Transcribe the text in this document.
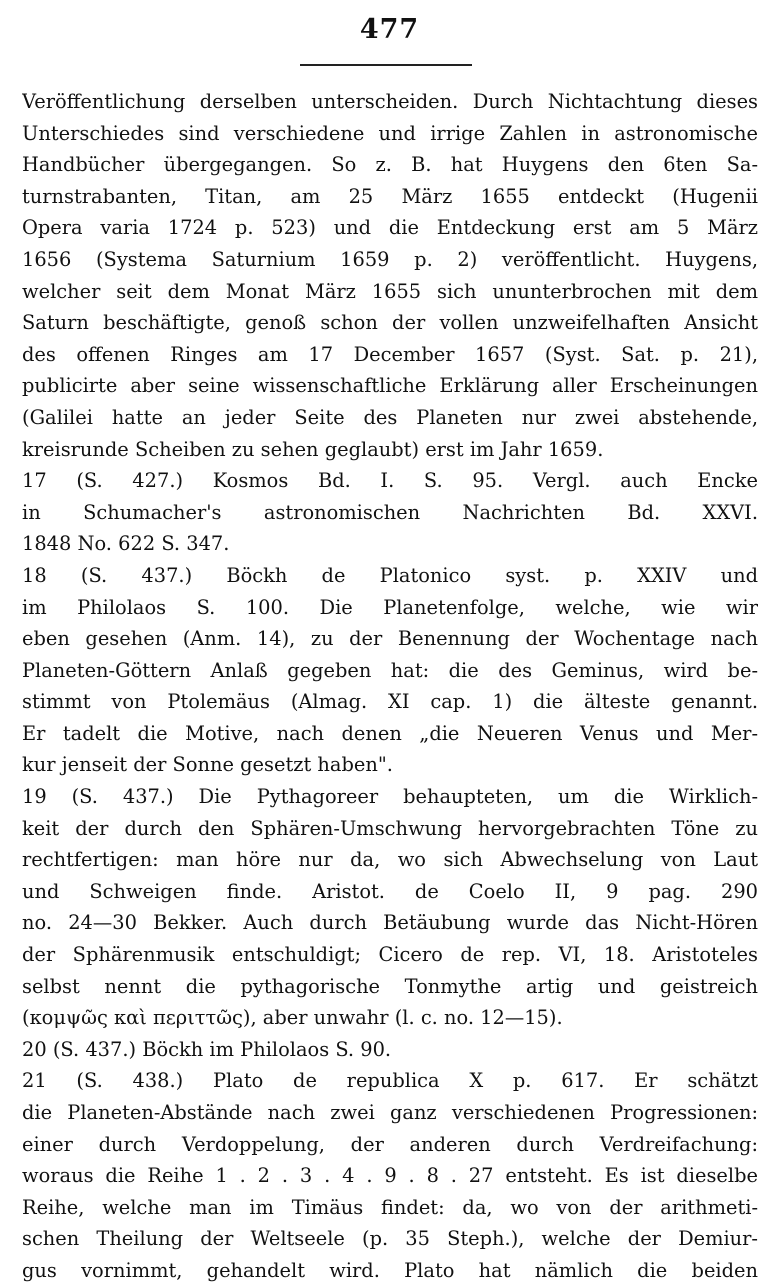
477
Veröffentlichung derselben unterscheiden. Durch Nichtachtung dieses
Unterschiedes sind verschiedene und irrige Zahlen in astronomische
Handbücher übergegangen. So z. B. hat Huygens den 6ten Sa-
turnstrabanten, Titan, am 25 März 1655 entdeckt (Hugenii
Opera varia 1724 p. 523) und die Entdeckung erst am 5 März
1656 (Systema Saturnium 1659 p. 2) veröffentlicht. Huygens,
welcher seit dem Monat März 1655 sich ununterbrochen mit dem
Saturn beschäftigte, genoß schon der vollen unzweifelhaften Ansicht
des offenen Ringes am 17 December 1657 (Syst. Sat. p. 21),
publicirte aber seine wissenschaftliche Erklärung aller Erscheinungen
(Galilei hatte an jeder Seite des Planeten nur zwei abstehende,
kreisrunde Scheiben zu sehen geglaubt) erst im Jahr 1659.
17 (S. 427.) Kosmos Bd. I. S. 95. Vergl. auch Encke
in Schumacher's astronomischen Nachrichten Bd. XXVI.
1848 No. 622 S. 347.
18 (S. 437.) Böckh de Platonico syst. p. XXIV und
im Philolaos S. 100. Die Planetenfolge, welche, wie wir
eben gesehen (Anm. 14), zu der Benennung der Wochentage nach
Planeten-Göttern Anlaß gegeben hat: die des Geminus, wird be-
stimmt von Ptolemäus (Almag. XI cap. 1) die älteste genannt.
Er tadelt die Motive, nach denen „die Neueren Venus und Mer-
kur jenseit der Sonne gesetzt haben".
19 (S. 437.) Die Pythagoreer behaupteten, um die Wirklich-
keit der durch den Sphären-Umschwung hervorgebrachten Töne zu
rechtfertigen: man höre nur da, wo sich Abwechselung von Laut
und Schweigen finde. Aristot. de Coelo II, 9 pag. 290
no. 24—30 Bekker. Auch durch Betäubung wurde das Nicht-Hören
der Sphärenmusik entschuldigt; Cicero de rep. VI, 18. Aristoteles
selbst nennt die pythagorische Tonmythe artig und geistreich
(κομψῶς καὶ περιττῶς), aber unwahr (l. c. no. 12—15).
20 (S. 437.) Böckh im Philolaos S. 90.
21 (S. 438.) Plato de republica X p. 617. Er schätzt
die Planeten-Abstände nach zwei ganz verschiedenen Progressionen:
einer durch Verdoppelung, der anderen durch Verdreifachung:
woraus die Reihe 1 . 2 . 3 . 4 . 9 . 8 . 27 entsteht. Es ist dieselbe
Reihe, welche man im Timäus findet: da, wo von der arithmeti-
schen Theilung der Weltseele (p. 35 Steph.), welche der Demiur-
gus vornimmt, gehandelt wird. Plato hat nämlich die beiden
